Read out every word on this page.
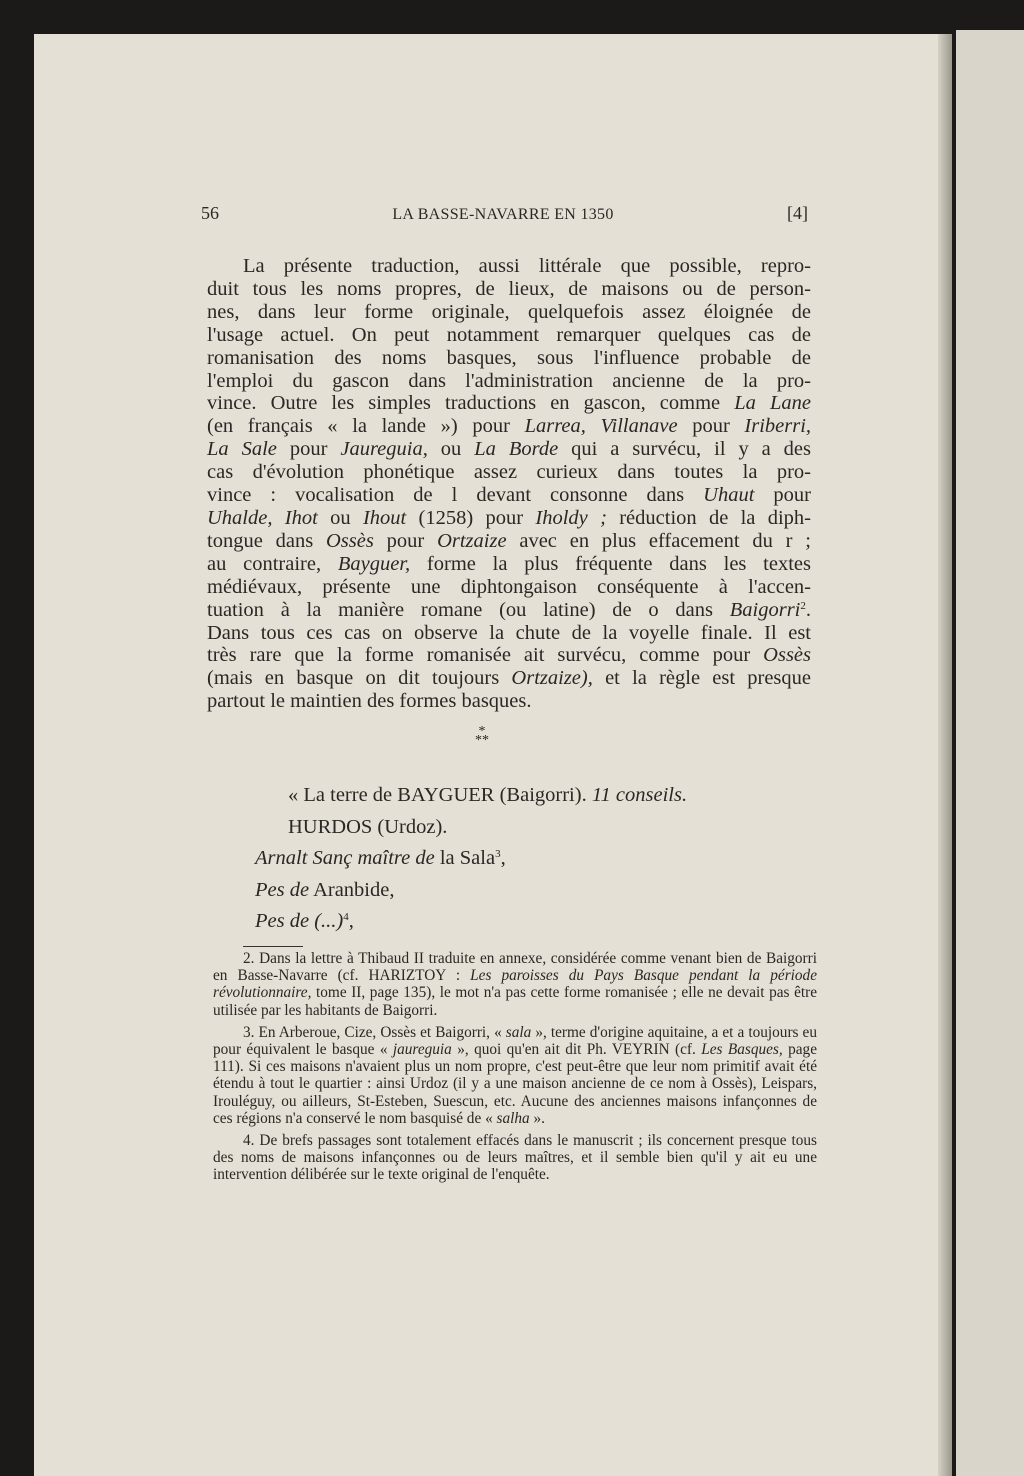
56	LA BASSE-NAVARRE EN 1350	[4]
La présente traduction, aussi littérale que possible, repro-
duit tous les noms propres, de lieux, de maisons ou de person-
nes, dans leur forme originale, quelquefois assez éloignée de
l'usage actuel. On peut notamment remarquer quelques cas de
romanisation des noms basques, sous l'influence probable de
l'emploi du gascon dans l'administration ancienne de la pro-
vince. Outre les simples traductions en gascon, comme La Lane
(en français « la lande ») pour Larrea, Villanave pour Iriberri,
La Sale pour Jaureguia, ou La Borde qui a survécu, il y a des
cas d'évolution phonétique assez curieux dans toutes la pro-
vince : vocalisation de l devant consonne dans Uhaut pour
Uhalde, Ihot ou Ihout (1258) pour Iholdy ; réduction de la diph-
tongue dans Ossès pour Ortzaize avec en plus effacement du r ;
au contraire, Bayguer, forme la plus fréquente dans les textes
médiévaux, présente une diphtongaison conséquente à l'accen-
tuation à la manière romane (ou latine) de o dans Baigorri$^2$.
Dans tous ces cas on observe la chute de la voyelle finale. Il est
très rare que la forme romanisée ait survécu, comme pour Ossès
(mais en basque on dit toujours Ortzaize), et la règle est presque
partout le maintien des formes basques.
* **
« La terre de BAYGUER (Baigorri). 11 conseils.
HURDOS (Urdoz).
Arnalt Sanç maître de la Sala$^3$,
Pes de Aranbide,
Pes de (...)$^4$,
2. Dans la lettre à Thibaud II traduite en annexe, considérée comme venant bien de Baigorri en Basse-Navarre (cf. HARIZTOY : Les paroisses du Pays Basque pendant la période révolutionnaire, tome II, page 135), le mot n'a pas cette forme romanisée ; elle ne devait pas être utilisée par les habitants de Baigorri.
3. En Arberoue, Cize, Ossès et Baigorri, « sala », terme d'origine aquitaine, a et a toujours eu pour équivalent le basque « jaureguia », quoi qu'en ait dit Ph. VEYRIN (cf. Les Basques, page 111). Si ces maisons n'avaient plus un nom propre, c'est peut-être que leur nom primitif avait été étendu à tout le quartier : ainsi Urdoz (il y a une maison ancienne de ce nom à Ossès), Leispars, Irouléguy, ou ailleurs, St-Esteben, Suescun, etc. Aucune des anciennes maisons infançonnes de ces régions n'a conservé le nom basquisé de « salha ».
4. De brefs passages sont totalement effacés dans le manuscrit ; ils concernent presque tous des noms de maisons infançonnes ou de leurs maîtres, et il semble bien qu'il y ait eu une intervention délibérée sur le texte original de l'enquête.
